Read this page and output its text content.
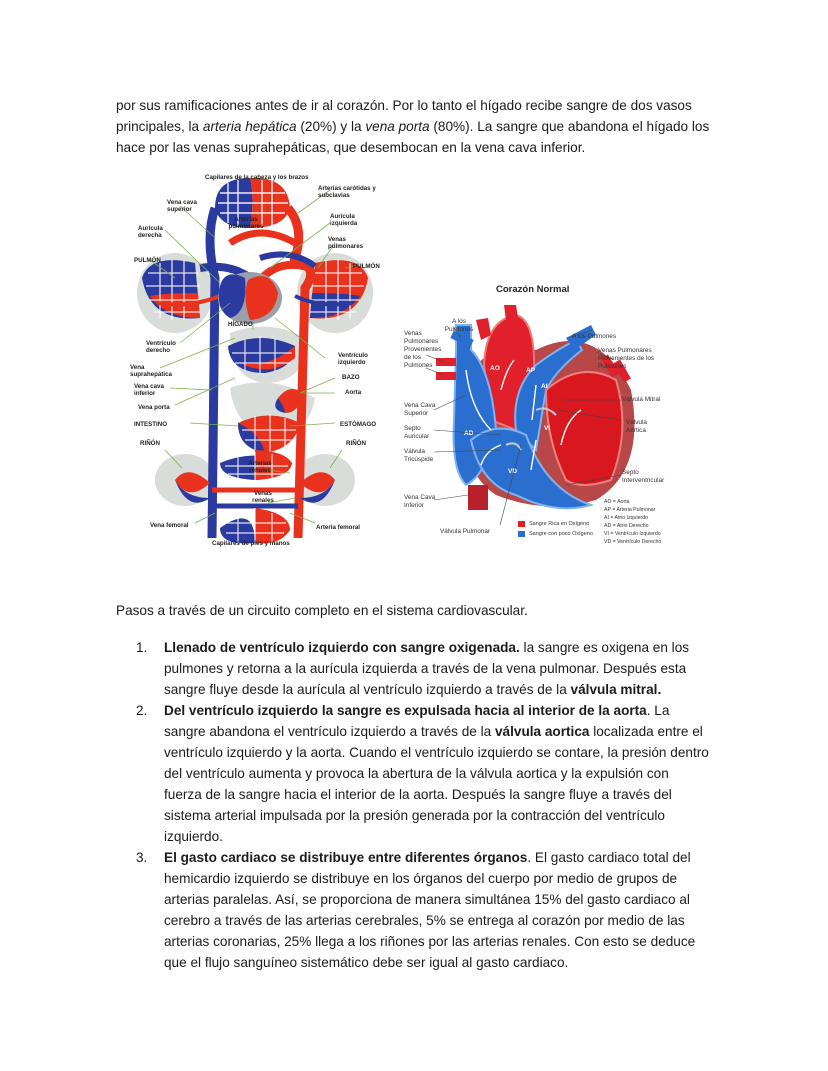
por sus ramificaciones antes de ir al corazón. Por lo tanto el hígado recibe sangre de dos vasos

principales, la arteria hepática (20%) y la vena porta (80%). La sangre que abandona el hígado los

hace por las venas suprahepáticas, que desembocan en la vena cava inferior.

Capilares de la cabeza y los brazos
Arterias carótidas y subclavias
Vena cava superior
Arterias pulmonares
Aurícula izquierda
Aurícula derecha
Venas pulmonares
PULMÓN
PULMÓN
HÍGADO
Ventrículo derecho
Ventrículo izquierdo
Vena suprahepática	BAZO
Vena cava inferior	Aorta
Vena porta
INTESTINO	ESTÓMAGO
RIÑÓN	RIÑÓN
Arterias renales
Venas renales
Vena femoral	Arteria femoral
Capilares de pies y manos
Corazón Normal
AO	AP
AI
AD
VI
VD
A los Pulmones
Venas Pulmonares Provenientes de los Pulmones
A los Pulmones
Venas Pulmonares Provenientes de los Pulmones
Válvula Mitral
Válvula Aórtica
Vena Cava Superior
Septo Auricular
Válvula Tricúspide
Septo Interventricular
Vena Cava Inferior
Válvula Pulmonar
Sangre Rica en Oxígeno
Sangre con poco Oxígeno
AO = Aorta
AP = Arteria Pulmonar
AI = Atrio Izquierdo
AD = Atrio Derecho
VI = Ventrículo Izquierdo
VD = Ventrículo Derecho

Pasos a través de un circuito completo en el sistema cardiovascular.

1. Llenado de ventrículo izquierdo con sangre oxigenada. la sangre es oxigena en los pulmones y retorna a la aurícula izquierda a través de la vena pulmonar. Después esta sangre fluye desde la aurícula al ventrículo izquierdo a través de la válvula mitral.
2. Del ventrículo izquierdo la sangre es expulsada hacia al interior de la aorta. La sangre abandona el ventrículo izquierdo a través de la válvula aortica localizada entre el ventrículo izquierdo y la aorta. Cuando el ventrículo izquierdo se contare, la presión dentro del ventrículo aumenta y provoca la abertura de la válvula aortica y la expulsión con fuerza de la sangre hacia el interior de la aorta. Después la sangre fluye a través del sistema arterial impulsada por la presión generada por la contracción del ventrículo izquierdo.
3. El gasto cardiaco se distribuye entre diferentes órganos. El gasto cardiaco total del hemicardio izquierdo se distribuye en los órganos del cuerpo por medio de grupos de arterias paralelas. Así, se proporciona de manera simultánea 15% del gasto cardiaco al cerebro a través de las arterias cerebrales, 5% se entrega al corazón por medio de las arterias coronarias, 25% llega a los riñones por las arterias renales. Con esto se deduce que el flujo sanguíneo sistemático debe ser igual al gasto cardiaco.
